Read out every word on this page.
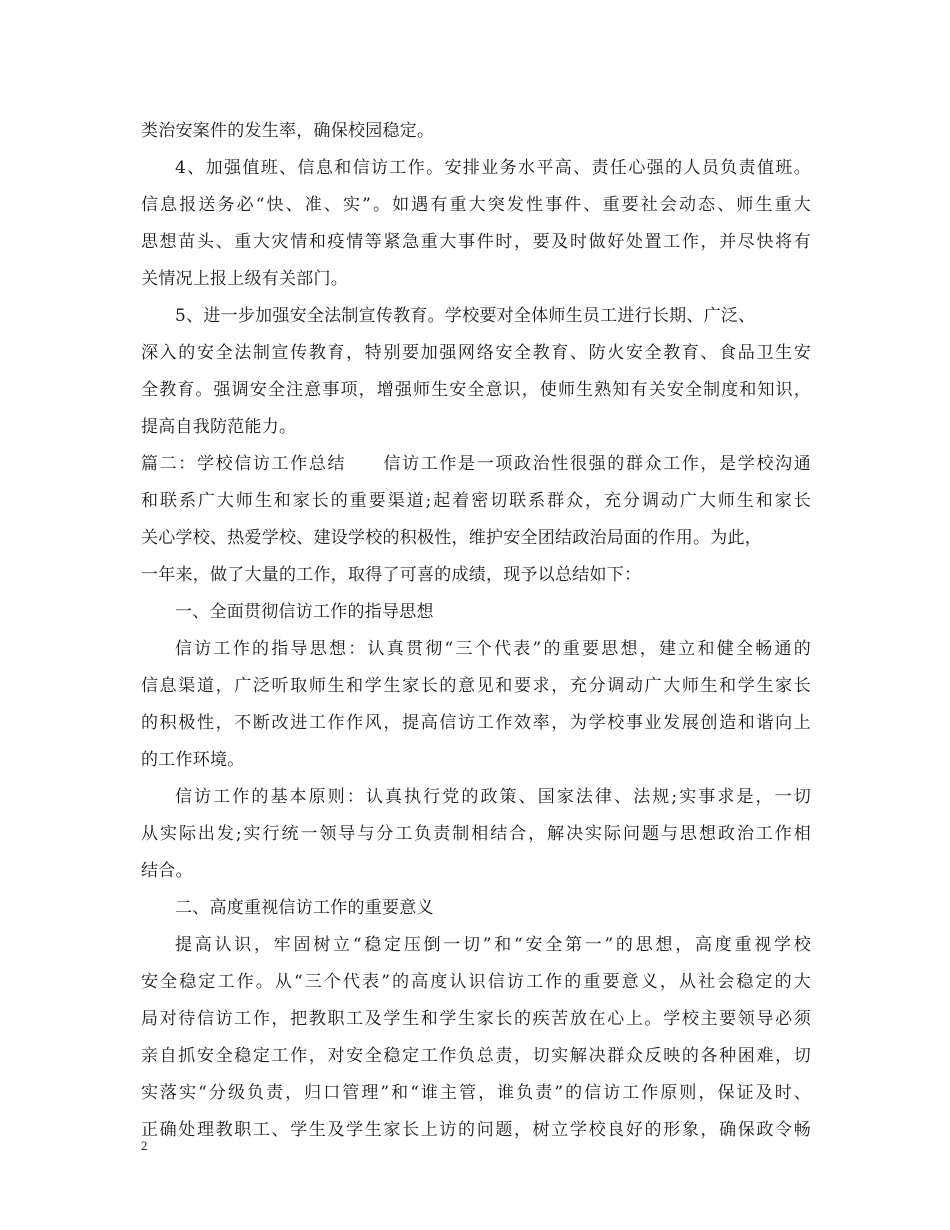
类治安案件的发生率，确保校园稳定。
4、加强值班、信息和信访工作。安排业务水平高、责任心强的人员负责值班。
信息报送务必“快、准、实”。如遇有重大突发性事件、重要社会动态、师生重大
思想苗头、重大灾情和疫情等紧急重大事件时，要及时做好处置工作，并尽快将有
关情况上报上级有关部门。
5、进一步加强安全法制宣传教育。学校要对全体师生员工进行长期、广泛、
深入的安全法制宣传教育，特别要加强网络安全教育、防火安全教育、食品卫生安
全教育。强调安全注意事项，增强师生安全意识，使师生熟知有关安全制度和知识，
提高自我防范能力。
篇二：学校信访工作总结　　信访工作是一项政治性很强的群众工作，是学校沟通
和联系广大师生和家长的重要渠道;起着密切联系群众，充分调动广大师生和家长
关心学校、热爱学校、建设学校的积极性，维护安全团结政治局面的作用。为此，
一年来，做了大量的工作，取得了可喜的成绩，现予以总结如下：
一、全面贯彻信访工作的指导思想
信访工作的指导思想：认真贯彻“三个代表”的重要思想，建立和健全畅通的
信息渠道，广泛听取师生和学生家长的意见和要求，充分调动广大师生和学生家长
的积极性，不断改进工作作风，提高信访工作效率，为学校事业发展创造和谐向上
的工作环境。
信访工作的基本原则：认真执行党的政策、国家法律、法规;实事求是，一切
从实际出发;实行统一领导与分工负责制相结合，解决实际问题与思想政治工作相
结合。
二、高度重视信访工作的重要意义
提高认识，牢固树立“稳定压倒一切”和“安全第一”的思想，高度重视学校
安全稳定工作。从“三个代表”的高度认识信访工作的重要意义，从社会稳定的大
局对待信访工作，把教职工及学生和学生家长的疾苦放在心上。学校主要领导必须
亲自抓安全稳定工作，对安全稳定工作负总责，切实解决群众反映的各种困难，切
实落实“分级负责，归口管理”和“谁主管，谁负责”的信访工作原则，保证及时、
正确处理教职工、学生及学生家长上访的问题，树立学校良好的形象，确保政令畅
2
